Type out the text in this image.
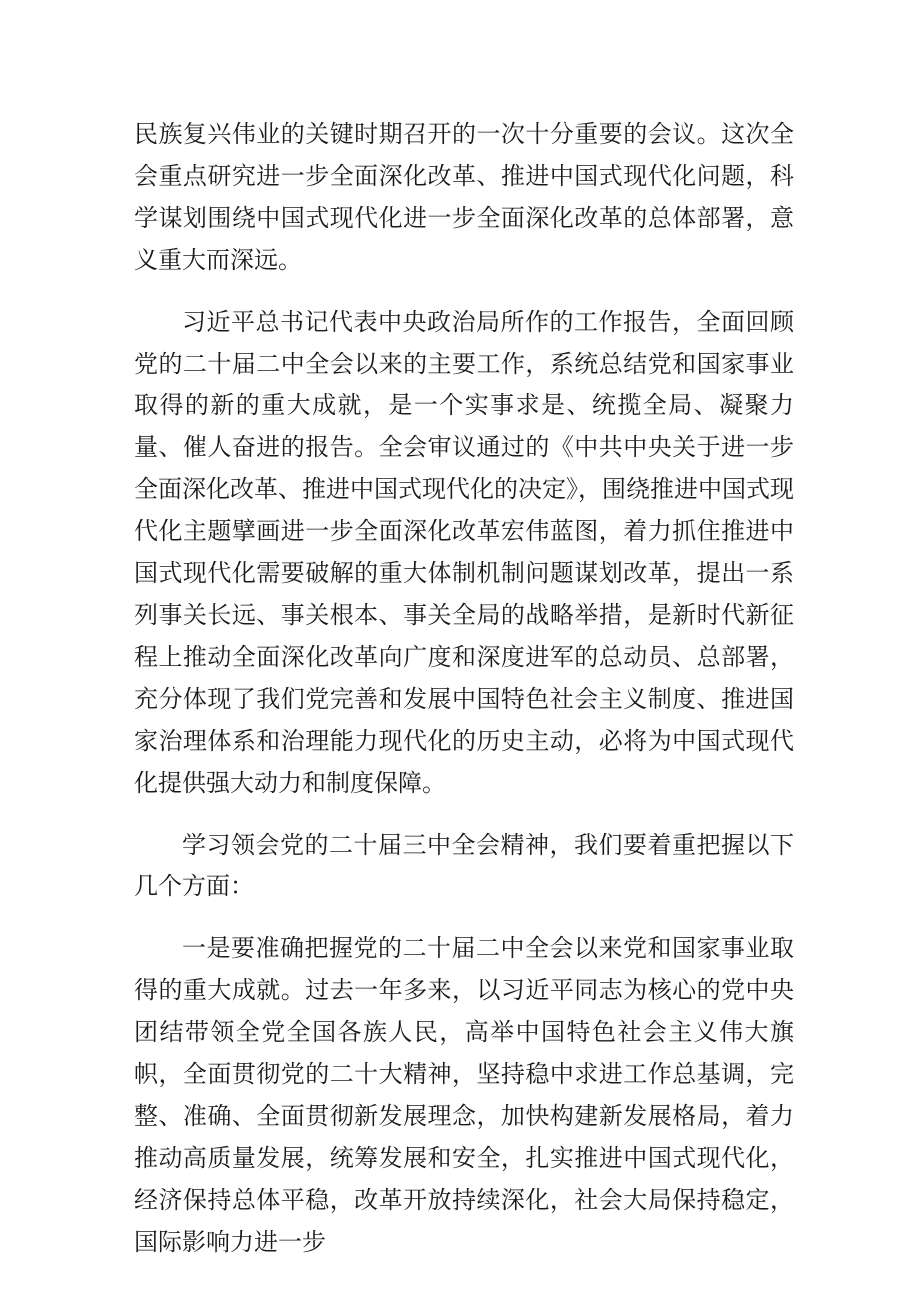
民族复兴伟业的关键时期召开的一次十分重要的会议。这次全会重点研究进一步全面深化改革、推进中国式现代化问题，科学谋划围绕中国式现代化进一步全面深化改革的总体部署，意义重大而深远。

习近平总书记代表中央政治局所作的工作报告，全面回顾党的二十届二中全会以来的主要工作，系统总结党和国家事业取得的新的重大成就，是一个实事求是、统揽全局、凝聚力量、催人奋进的报告。全会审议通过的《中共中央关于进一步全面深化改革、推进中国式现代化的决定》，围绕推进中国式现代化主题擘画进一步全面深化改革宏伟蓝图，着力抓住推进中国式现代化需要破解的重大体制机制问题谋划改革，提出一系列事关长远、事关根本、事关全局的战略举措，是新时代新征程上推动全面深化改革向广度和深度进军的总动员、总部署，充分体现了我们党完善和发展中国特色社会主义制度、推进国家治理体系和治理能力现代化的历史主动，必将为中国式现代化提供强大动力和制度保障。

学习领会党的二十届三中全会精神，我们要着重把握以下几个方面：

一是要准确把握党的二十届二中全会以来党和国家事业取得的重大成就。过去一年多来，以习近平同志为核心的党中央团结带领全党全国各族人民，高举中国特色社会主义伟大旗帜，全面贯彻党的二十大精神，坚持稳中求进工作总基调，完整、准确、全面贯彻新发展理念，加快构建新发展格局，着力推动高质量发展，统筹发展和安全，扎实推进中国式现代化，经济保持总体平稳，改革开放持续深化，社会大局保持稳定，国际影响力进一步
